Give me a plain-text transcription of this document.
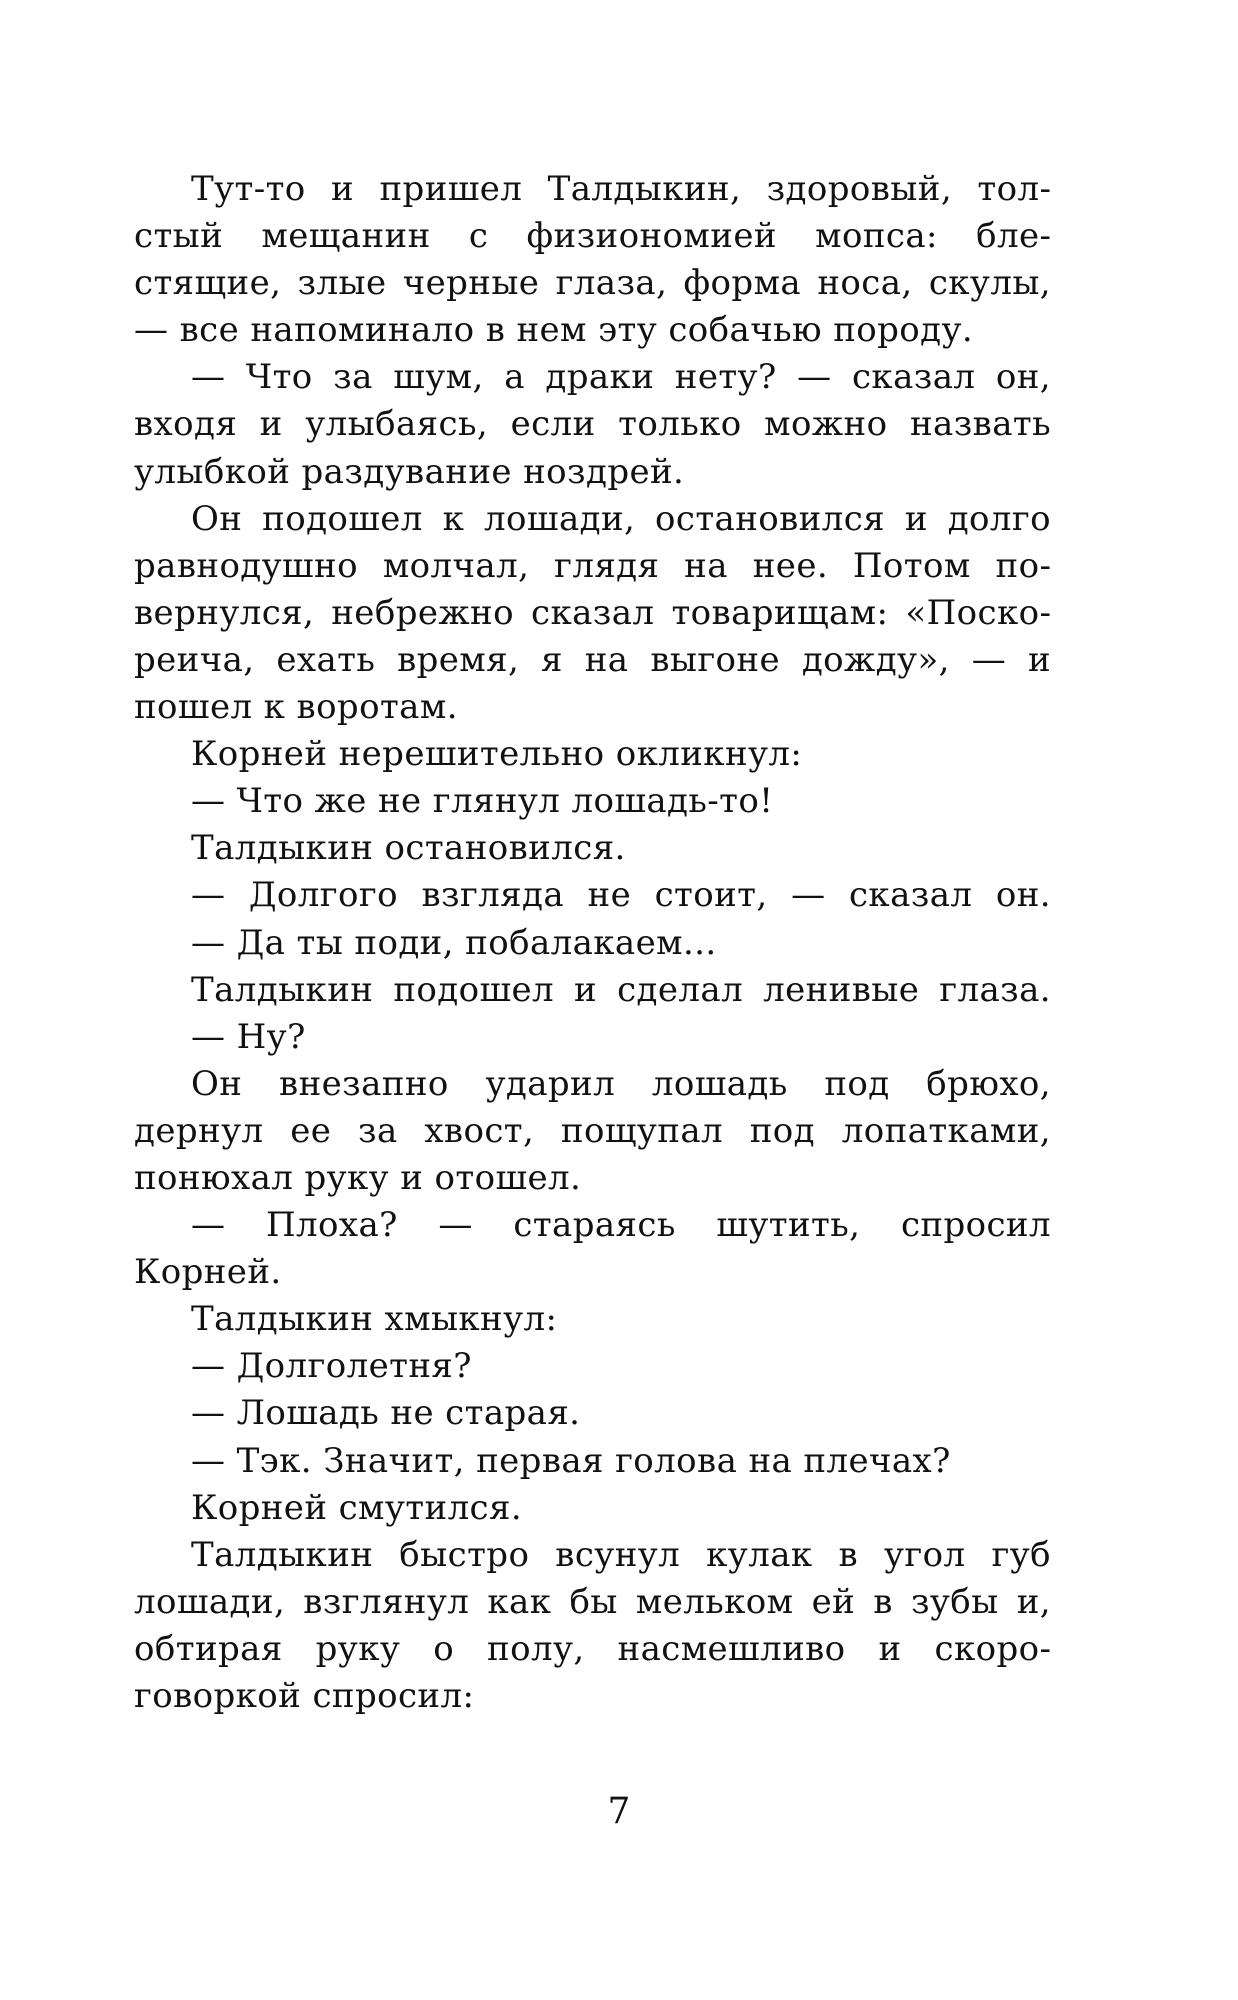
Тут-то и пришел Талдыкин, здоровый, толстый мещанин с физиономией мопса: блестящие, злые черные глаза, форма носа, скулы, — все напоминало в нем эту собачью породу.

— Что за шум, а драки нету? — сказал он, входя и улыбаясь, если только можно назвать улыбкой раздувание ноздрей.

Он подошел к лошади, остановился и долго равнодушно молчал, глядя на нее. Потом повернулся, небрежно сказал товарищам: «Поскореича, ехать время, я на выгоне дожду», — и пошел к воротам.

Корней нерешительно окликнул:

— Что же не глянул лошадь-то!

Талдыкин остановился.

— Долгого взгляда не стоит, — сказал он.

— Да ты поди, побалакаем...

Талдыкин подошел и сделал ленивые глаза.

— Ну?

Он внезапно ударил лошадь под брюхо, дернул ее за хвост, пощупал под лопатками, понюхал руку и отошел.

— Плоха? — стараясь шутить, спросил Корней.

Талдыкин хмыкнул:

— Долголетня?

— Лошадь не старая.

— Тэк. Значит, первая голова на плечах?

Корней смутился.

Талдыкин быстро всунул кулак в угол губ лошади, взглянул как бы мельком ей в зубы и, обтирая руку о полу, насмешливо и скороговоркой спросил:

7
